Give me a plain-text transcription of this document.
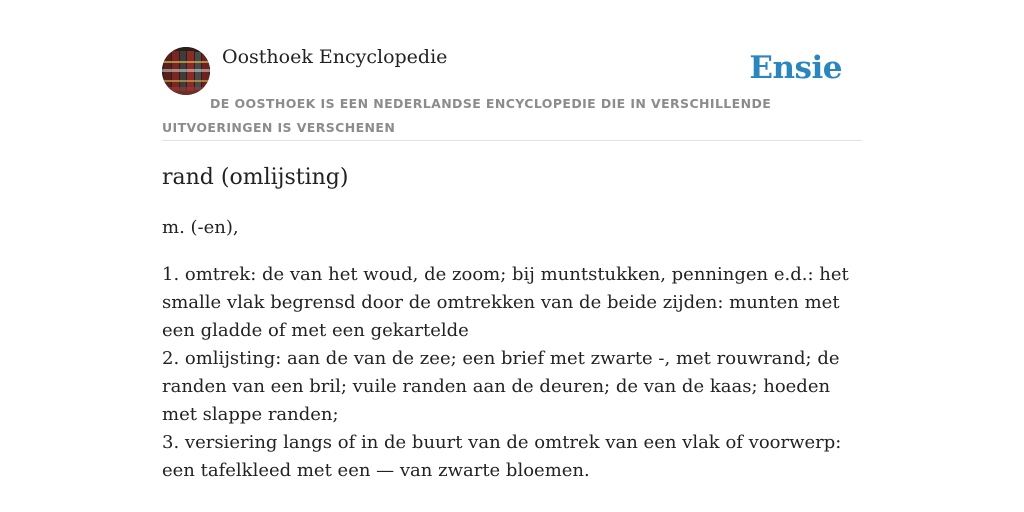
Oosthoek Encyclopedie	Ensie
DE OOSTHOEK IS EEN NEDERLANDSE ENCYCLOPEDIE DIE IN VERSCHILLENDE UITVOERINGEN IS VERSCHENEN
rand (omlijsting)

m. (-en),

1. omtrek: de van het woud, de zoom; bij muntstukken, penningen e.d.: het smalle vlak begrensd door de omtrekken van de beide zijden: munten met een gladde of met een gekartelde
2. omlijsting: aan de van de zee; een brief met zwarte -, met rouwrand; de randen van een bril; vuile randen aan de deuren; de van de kaas; hoeden met slappe randen;
3. versiering langs of in de buurt van de omtrek van een vlak of voorwerp: een tafelkleed met een — van zwarte bloemen.
